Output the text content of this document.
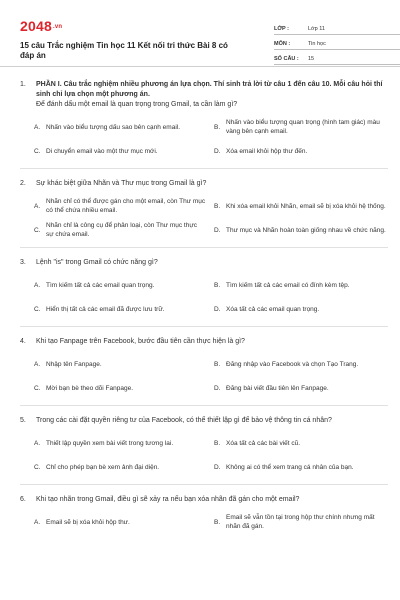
2048.vn
15 câu Trắc nghiệm Tin học 11 Kết nối tri thức Bài 8 có đáp án
LỚP :	Lớp 11
MÔN :	Tin học
SỐ CÂU :	15
1.	PHẦN I. Câu trắc nghiệm nhiều phương án lựa chọn. Thí sinh trả lời từ câu 1 đến câu 10. Mỗi câu hỏi thí sinh chỉ lựa chọn một phương án.
Để đánh dấu một email là quan trọng trong Gmail, ta cần làm gì?
A. Nhấn vào biểu tượng dấu sao bên cạnh email.	B.
Nhấn vào biểu tượng quan trọng (hình tam giác) màu vàng bên cạnh email.
C. Di chuyển email vào một thư mục mới.	D. Xóa email khỏi hộp thư đến.
2.	Sự khác biệt giữa Nhãn và Thư mục trong Gmail là gì?
A.
Nhãn chỉ có thể được gán cho một email, còn Thư mục có thể chứa nhiều email.
B. Khi xóa email khỏi Nhãn, email sẽ bị xóa khỏi hệ thống.
C.
Nhãn chỉ là công cụ để phân loại, còn Thư mục thực sự chứa email.
D. Thư mục và Nhãn hoàn toàn giống nhau về chức năng.
3.	Lệnh "is" trong Gmail có chức năng gì?
A. Tìm kiếm tất cả các email quan trọng.	B. Tìm kiếm tất cả các email có đính kèm tệp.
C. Hiển thị tất cả các email đã được lưu trữ.	D. Xóa tất cả các email quan trọng.
4.	Khi tạo Fanpage trên Facebook, bước đầu tiên cần thực hiện là gì?
A. Nhập tên Fanpage.	B. Đăng nhập vào Facebook và chọn Tạo Trang.
C. Mời bạn bè theo dõi Fanpage.	D. Đăng bài viết đầu tiên lên Fanpage.
5.	Trong các cài đặt quyền riêng tư của Facebook, có thể thiết lập gì để bảo vệ thông tin cá nhân?
A. Thiết lập quyền xem bài viết trong tương lai.	B. Xóa tất cả các bài viết cũ.
C. Chỉ cho phép bạn bè xem ảnh đại diện.	D. Không ai có thể xem trang cá nhân của bạn.
6.	Khi tạo nhãn trong Gmail, điều gì sẽ xảy ra nếu bạn xóa nhãn đã gán cho một email?
A. Email sẽ bị xóa khỏi hộp thư.	B.
Email sẽ vẫn tồn tại trong hộp thư chính nhưng mất nhãn đã gán.
